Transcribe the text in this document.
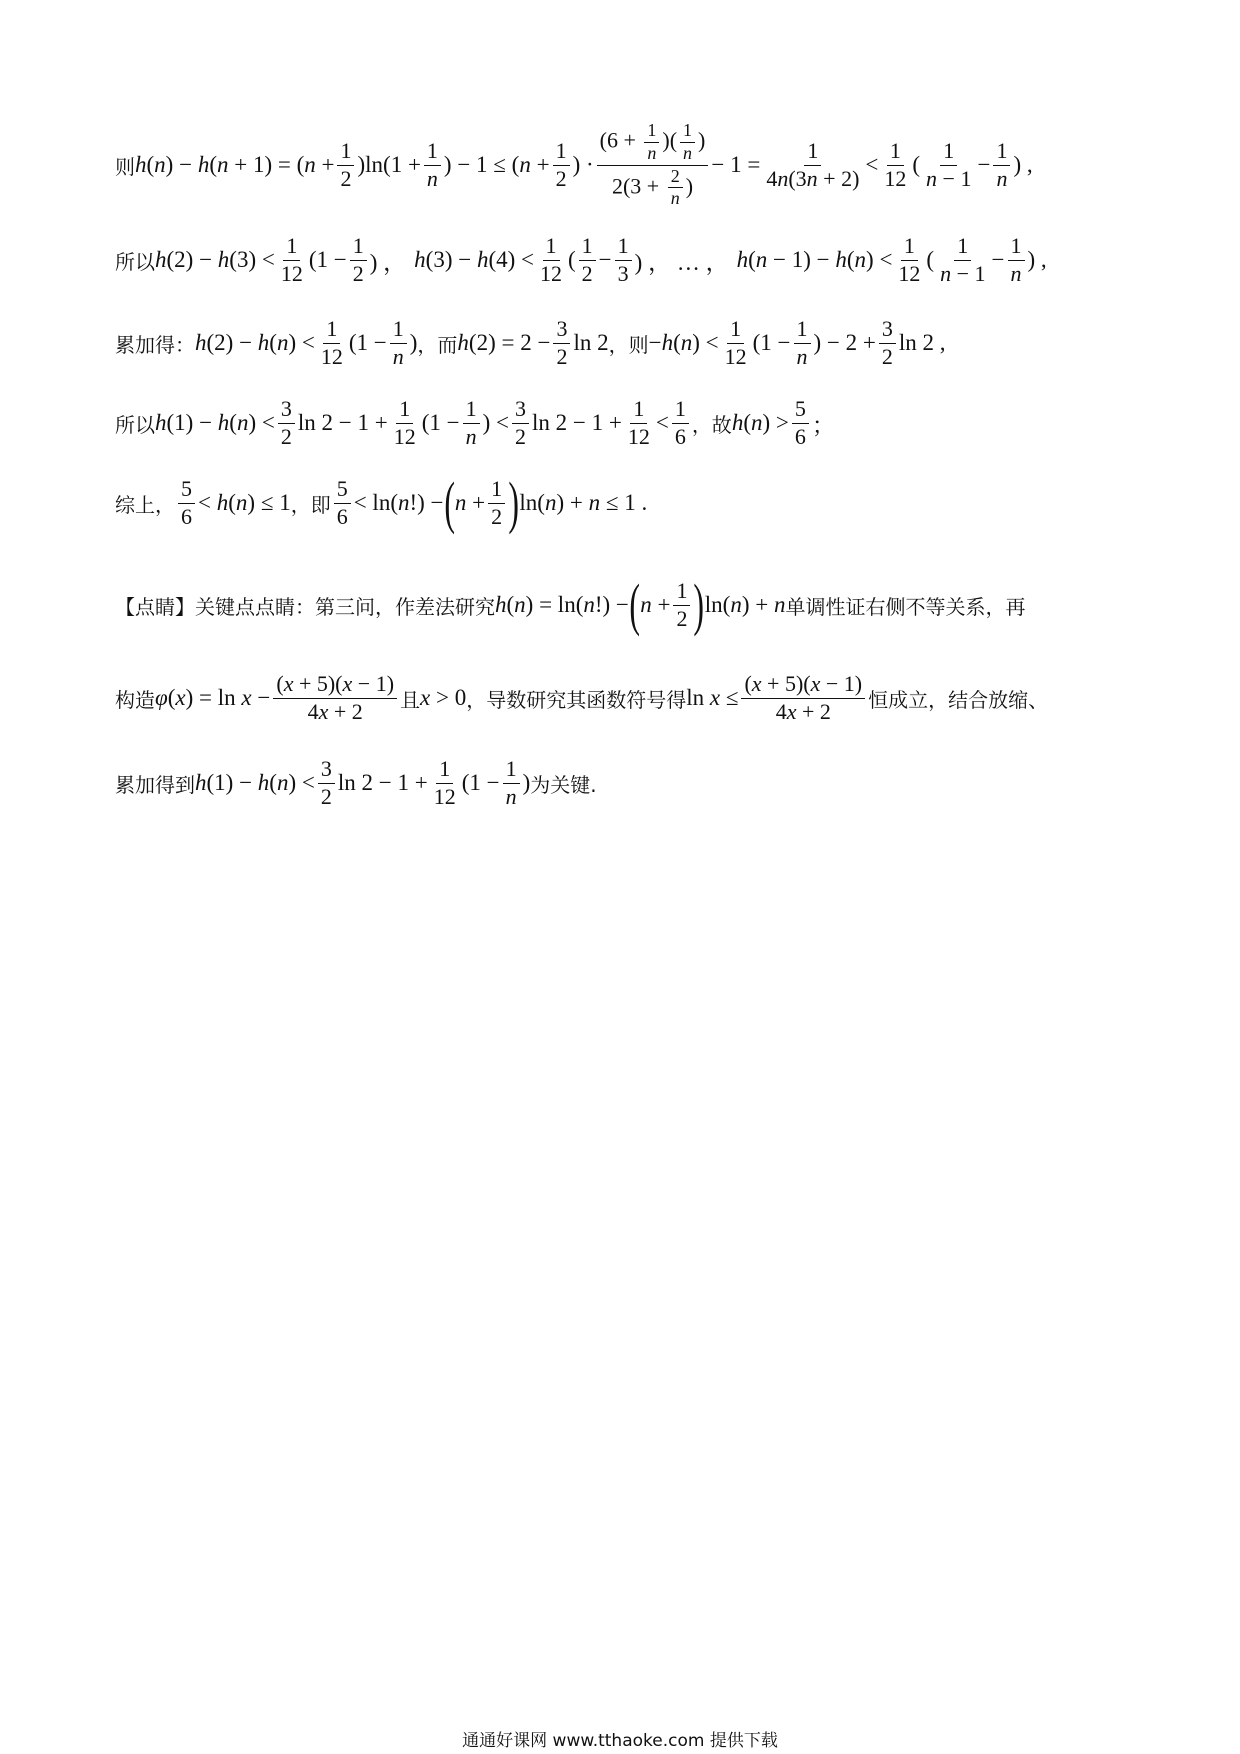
则 $h(n) - h(n + 1) = (n + \frac{1}{2} )\ln(1 + \frac{1}{n}$ ) − $1 \le (n + \frac{1}{2}$ ) · $\frac{(6 + \frac{1}{n} )( \frac{1}{n} )}{2(3 + \frac{2}{n} )} - 1 = \frac{1}{4n(3n + 2)} < \frac{1}{12}$ ( $\frac{1}{n - 1} - \frac{1}{n}$ ) ,
所以 $h(2) - h(3) < \frac{1}{12} (1 - \frac{1}{2}$ ) ， $h(3) - h(4) < \frac{1}{12}$ ( $\frac{1}{2} - \frac{1}{3}$ ) ， … ， $h(n - 1) - h(n) < \frac{1}{12}$ ( $\frac{1}{n - 1} - \frac{1}{n}$ ) ,
累加得： $h(2) - h(n) < \frac{1}{12} (1 - \frac{1}{n}$ ) ，而 $h(2) = 2 - \frac{3}{2}$ ln 2 ，则 $-h(n) < \frac{1}{12} (1 - \frac{1}{n}$ ) − $2 + \frac{3}{2}$ ln 2 ,
所以 $h(1) - h(n) < \frac{3}{2}$ $\ln 2 - 1 + \frac{1}{12} (1 - \frac{1}{n}$ ) < $\frac{3}{2}$ $\ln 2 - 1 + \frac{1}{12} < \frac{1}{6}$ ，故 $h(n) > \frac{5}{6}$ ；
综上， $\frac{5}{6} < h(n) \le 1$ ，即 $\frac{5}{6} < \ln(n!)$ − ( $n + \frac{1}{2}$ ) ln(n) + n ≤ 1 .
【点睛】 关键点点睛：第三问，作差法研究 h(n) = ln(n!) − ( $n + \frac{1}{2}$ ) ln(n) + n 单调性证右侧不等关系，再
构造 $\varphi(x) = \ln x - \frac{(x + 5)(x - 1)}{4x + 2}$ 且 x > 0 ，导数研究其函数符号得 $\ln x \le \frac{(x + 5)(x - 1)}{4x + 2}$ 恒成立，结合放缩、
累加得到 $h(1) - h(n) < \frac{3}{2}$ $\ln 2 - 1 + \frac{1}{12} (1 - \frac{1}{n}$ ) 为关键.
通通好课网 www.tthaoke.com 提供下载
